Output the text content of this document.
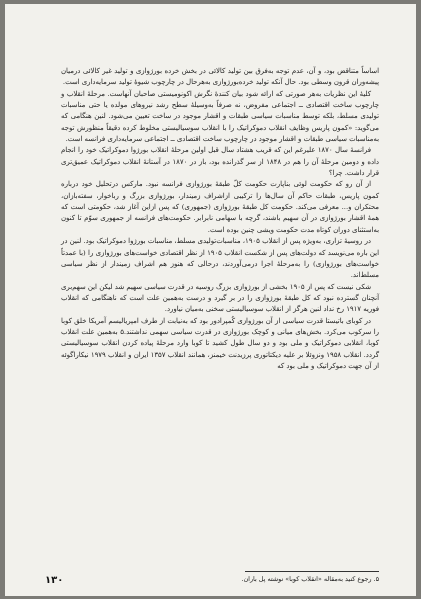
اساساً متناقض بود، و آن، عدم توجه به‌فرق بین تولید کالائی در بخش خرده بورژوازی و تولید غیر کالائی درمیان پیشه‌وران قرون وسطی بود. حال آنکه تولید خرده‌بورژوازی به‌هرحال در چارچوب شیوهٔ تولید سرمایه‌داری است.

کلیهٔ این نظریات به‌هر صورتی که ارائه شود بیان کنندهٔ نگرش اکونومیستی صاحبان آنهاست. مرحلهٔ انقلاب و چارچوب ساخت اقتصادی ــ اجتماعی مفروض، نه صرفاً به‌وسیلهٔ سطح رشد نیروهای مولده یا حتی مناسبات تولیدی مسلط، بلکه توسط مناسبات سیاسی طبقات و اقشار موجود در ساخت تعیین می‌شود. لنین هنگامی که می‌گوید: «کمون پاریس وظایف انقلاب دموکراتیک را با انقلاب سوسیالیستی مخلوط کرده دقیقاً منظورش توجه به‌مناسبات سیاسی طبقات و اقشار موجود در چارچوب ساخت اقتصادی ــ اجتماعی سرمایه‌داری فرانسه است.

فرانسهٔ سال ۱۸۷۰ علیرغم این که قریب هشتاد سال قبل اولین مرحلهٔ انقلاب بورژوا دموکراتیک خود را انجام داده و دومین مرحلهٔ آن را هم در ۱۸۴۸ از سر گذرانده بود، باز در ۱۸۷۰ در آستانهٔ انقلاب دموکراتیک عمیق‌تری قرار داشت. چرا؟

از آن رو که حکومت لوئی بناپارت حکومت کلّ طبقهٔ بورژوازی فرانسه نبود. مارکس درتحلیل خود درباره کمون پاریس، طبقات حاکم آن سال‌ها را ترکیبی ازاشراف زمیندار، بورژوازی بزرگ و رباخوار، سفته‌بازان، محتکران و... معرفی می‌کند. حکومت کل طبقهٔ بورژوازی (جمهوری) که پس ازاین آغاز شد، حکومتی است که همهٔ اقشار بورژوازی در آن سهیم باشند، گرچه با سهامی نابرابر. حکومت‌های فرانسه از جمهوری سوّم تا کنون به‌استثنای دوران کوتاه مدت حکومت ویشی چنین بوده است.

در روسیهٔ تزاری، به‌ویژه پس از انقلاب ۱۹۰۵، مناسبات‌تولیدی مسلط، مناسبات بورژوا دموکراتیک بود. لنین در این باره می‌نویسد که دولت‌های پس از شکست انقلاب ۱۹۰۵ از نظر اقتصادی خواست‌های بورژوازی را (با عمدتاً خواست‌های بورژوازی) را به‌مرحلهٔ اجرا درمی‌آوردند، درحالی که هنوز هم اشراف زمیندار از نظر سیاسی مسلط‌اند.

شکی نیست که پس از ۱۹۰۵ بخشی از بورژوازی بزرگ روسیه در قدرت سیاسی سهیم شد لیکن این سهم‌بری آنچنان گسترده نبود که کل طبقهٔ بورژوازی را در بر گیرد و درست به‌همین علت است که ناهنگامی که انقلاب فوریه ۱۹۱۷ رخ نداد لنین هرگز از انقلاب سوسیالیستی سخنی به‌میان نیاورد.

در کوبای باتیستا قدرت سیاسی از آن بورژوازی کُمپرادور بود که به‌نیابت از طرف امپریالیسم آمریکا خلق کوبا را سرکوب می‌کرد. بخش‌های میانی و کوچک بورژوازی در قدرت سیاسی سهمی نداشتند.۵ به‌همین علت انقلاب کوبا، انقلابی دموکراتیک و ملی بود و دو سال طول کشید تا کوبا وارد مرحلهٔ پیاده کردن انقلاب سوسیالیستی گردد. انقلاب ۱۹۵۸ ونزوئلا بر علیه دیکتاتوری پرزیدنت خیمنز، همانند انقلاب ۱۳۵۷ ایران و انقلاب ۱۹۷۹ نیکاراگوئه از آن جهت دموکراتیک و ملی بود که

۵. رجوع کنید به‌مقاله «انقلاب کوبا» نوشته پل باران.
۱۳۰
